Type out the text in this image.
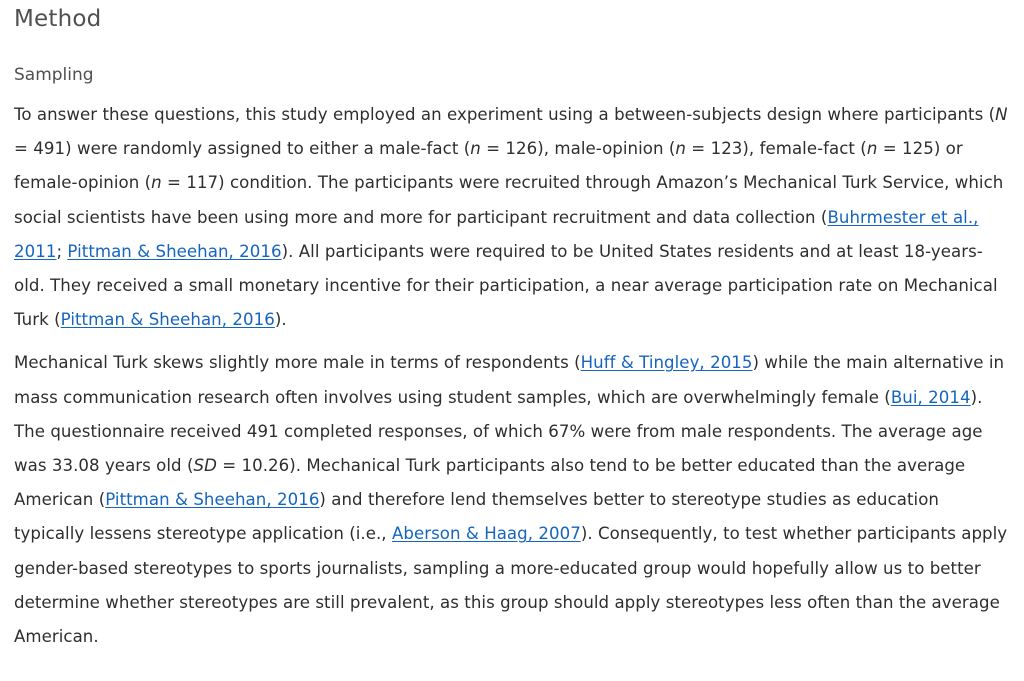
Method
Sampling

To answer these questions, this study employed an experiment using a between-subjects design where participants (N = 491) were randomly assigned to either a male-fact (n = 126), male-opinion (n = 123), female-fact (n = 125) or female-opinion (n = 117) condition. The participants were recruited through Amazon’s Mechanical Turk Service, which social scientists have been using more and more for participant recruitment and data collection (Buhrmester et al., 2011; Pittman & Sheehan, 2016). All participants were required to be United States residents and at least 18-years-old. They received a small monetary incentive for their participation, a near average participation rate on Mechanical Turk (Pittman & Sheehan, 2016).

Mechanical Turk skews slightly more male in terms of respondents (Huff & Tingley, 2015) while the main alternative in mass communication research often involves using student samples, which are overwhelmingly female (Bui, 2014). The questionnaire received 491 completed responses, of which 67% were from male respondents. The average age was 33.08 years old (SD = 10.26). Mechanical Turk participants also tend to be better educated than the average American (Pittman & Sheehan, 2016) and therefore lend themselves better to stereotype studies as education typically lessens stereotype application (i.e., Aberson & Haag, 2007). Consequently, to test whether participants apply gender-based stereotypes to sports journalists, sampling a more-educated group would hopefully allow us to better determine whether stereotypes are still prevalent, as this group should apply stereotypes less often than the average American.
